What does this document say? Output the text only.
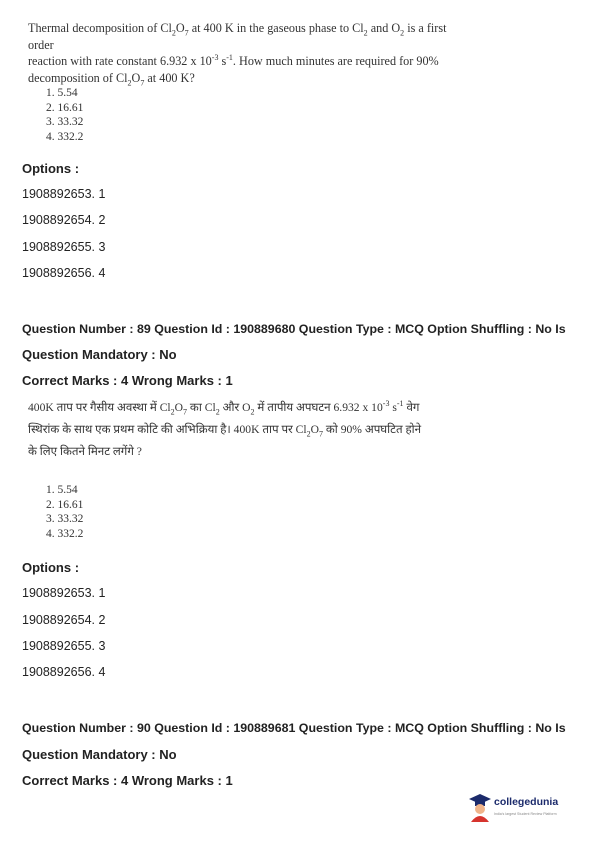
Thermal decomposition of $Cl_2O_7$ at 400 K in the gaseous phase to $Cl_2$ and $O_2$ is a first order
reaction with rate constant 6.932 x $10^{-3}$ $s^{-1}$. How much minutes are required for 90%
decomposition of $Cl_2O_7$ at 400 K?
1. 5.54
2. 16.61
3. 33.32
4. 332.2
Options :
1908892653. 1
1908892654. 2
1908892655. 3
1908892656. 4
Question Number : 89 Question Id : 190889680 Question Type : MCQ Option Shuffling : No Is
Question Mandatory : No
Correct Marks : 4 Wrong Marks : 1
400K ताप पर गैसीय अवस्था में $Cl_2O_7$ का $Cl_2$ और $O_2$ में तापीय अपघटन 6.932 x $10^{-3}$ $s^{-1}$ वेग
स्थिरांक के साथ एक प्रथम कोटि की अभिक्रिया है। 400K ताप पर $Cl_2O_7$ को 90% अपघटित होने
के लिए कितने मिनट लगेंगे ?
1. 5.54
2. 16.61
3. 33.32
4. 332.2
Options :
1908892653. 1
1908892654. 2
1908892655. 3
1908892656. 4
Question Number : 90 Question Id : 190889681 Question Type : MCQ Option Shuffling : No Is
Question Mandatory : No
Correct Marks : 4 Wrong Marks : 1
collegedunia
India's largest Student Review Platform
